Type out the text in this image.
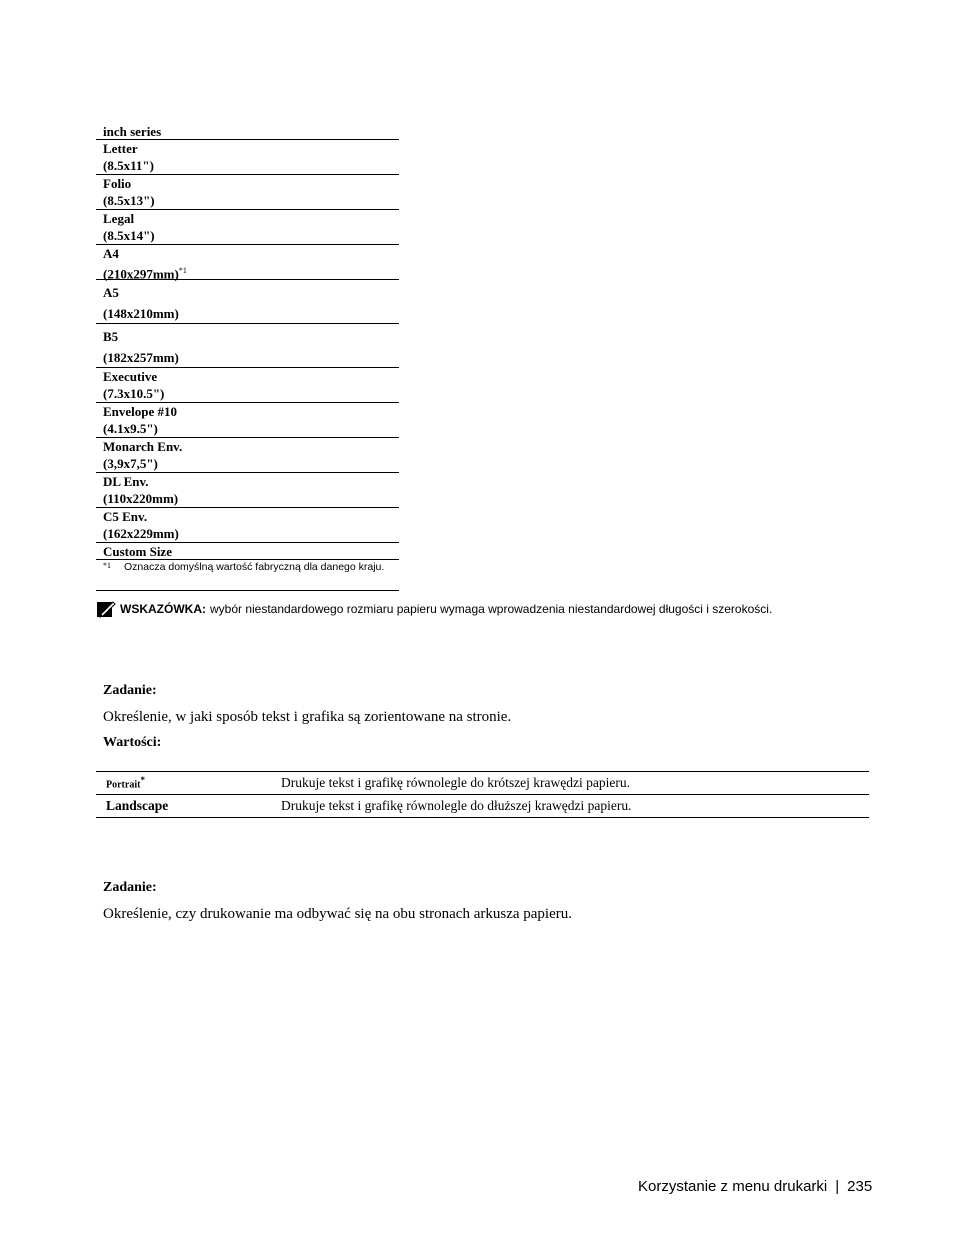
inch series
Letter
(8.5x11")
Folio
(8.5x13")
Legal
(8.5x14")
A4
$(210x297mm)^{*1}$
A5
(148x210mm)
B5
(182x257mm)
Executive
(7.3x10.5")
Envelope #10
(4.1x9.5")
Monarch Env.
(3,9x7,5")
DL Env.
(110x220mm)
C5 Env.
(162x229mm)
Custom Size
*1 Oznacza domyślną wartość fabryczną dla danego kraju.
WSKAZÓWKA: wybór niestandardowego rozmiaru papieru wymaga wprowadzenia niestandardowej długości i szerokości.
Zadanie:
Określenie, w jaki sposób tekst i grafika są zorientowane na stronie.
Wartości:
Portrait*	Drukuje tekst i grafikę równolegle do krótszej krawędzi papieru.
Landscape	Drukuje tekst i grafikę równolegle do dłuższej krawędzi papieru.
Zadanie:
Określenie, czy drukowanie ma odbywać się na obu stronach arkusza papieru.
Korzystanie z menu drukarki | 235
